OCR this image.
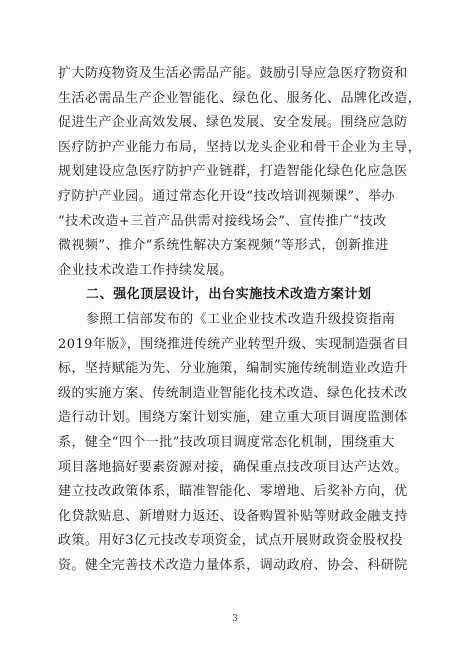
扩大防疫物资及生活必需品产能。鼓励引导应急医疗物资和
生活必需品生产企业智能化、绿色化、服务化、品牌化改造，
促进生产企业高效发展、绿色发展、安全发展。围绕应急防
医疗防护产业能力布局，坚持以龙头企业和骨干企业为主导，
规划建设应急医疗防护产业链群，打造智能化绿色化应急医
疗防护产业园。通过常态化开设“技改培训视频课”、举办
“技术改造+三首产品供需对接线场会”、宣传推广“技改
微视频”、推介“系统性解决方案视频”等形式，创新推进
企业技术改造工作持续发展。
二、强化顶层设计，出台实施技术改造方案计划
参照工信部发布的《工业企业技术改造升级投资指南
2019年版》，围绕推进传统产业转型升级、实现制造强省目
标，坚持赋能为先、分业施策，编制实施传统制造业改造升
级的实施方案、传统制造业智能化技术改造、绿色化技术改
造行动计划。围绕方案计划实施，建立重大项目调度监测体
系，健全“四个一批”技改项目调度常态化机制，围绕重大
项目落地搞好要素资源对接，确保重点技改项目达产达效。
建立技改政策体系，瞄准智能化、零增地、后奖补方向，优
化贷款贴息、新增财力返还、设备购置补贴等财政金融支持
政策。用好3亿元技改专项资金，试点开展财政资金股权投
资。健全完善技术改造力量体系，调动政府、协会、科研院
3
